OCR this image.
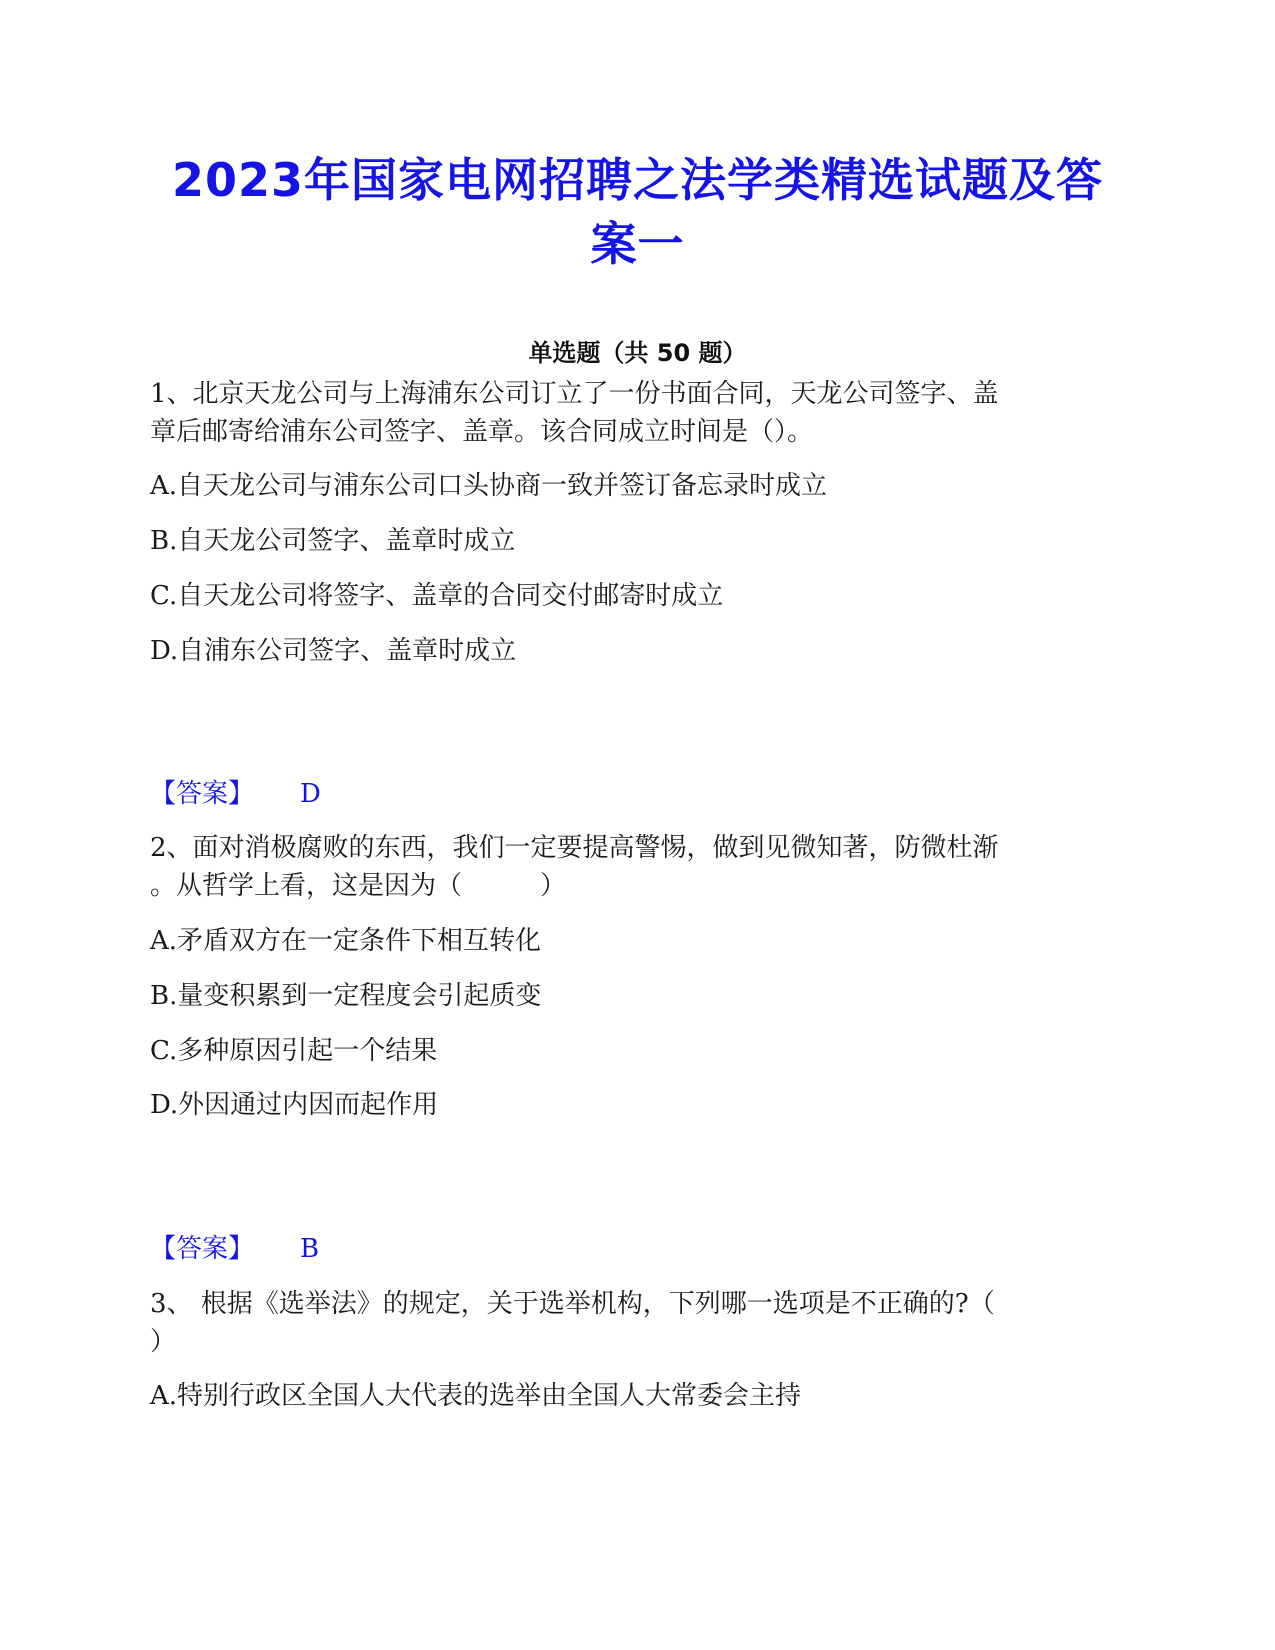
2023年国家电网招聘之法学类精选试题及答
案一
单选题（共 50 题）
1、北京天龙公司与上海浦东公司订立了一份书面合同，天龙公司签字、盖
章后邮寄给浦东公司签字、盖章。该合同成立时间是（）。
A.自天龙公司与浦东公司口头协商一致并签订备忘录时成立
B.自天龙公司签字、盖章时成立
C.自天龙公司将签字、盖章的合同交付邮寄时成立
D.自浦东公司签字、盖章时成立
【答案】 D
2、面对消极腐败的东西，我们一定要提高警惕，做到见微知著，防微杜渐
。从哲学上看，这是因为（　　　）
A.矛盾双方在一定条件下相互转化
B.量变积累到一定程度会引起质变
C.多种原因引起一个结果
D.外因通过内因而起作用
【答案】 B
3、 根据《选举法》的规定，关于选举机构，下列哪一选项是不正确的?（
）
A.特别行政区全国人大代表的选举由全国人大常委会主持
